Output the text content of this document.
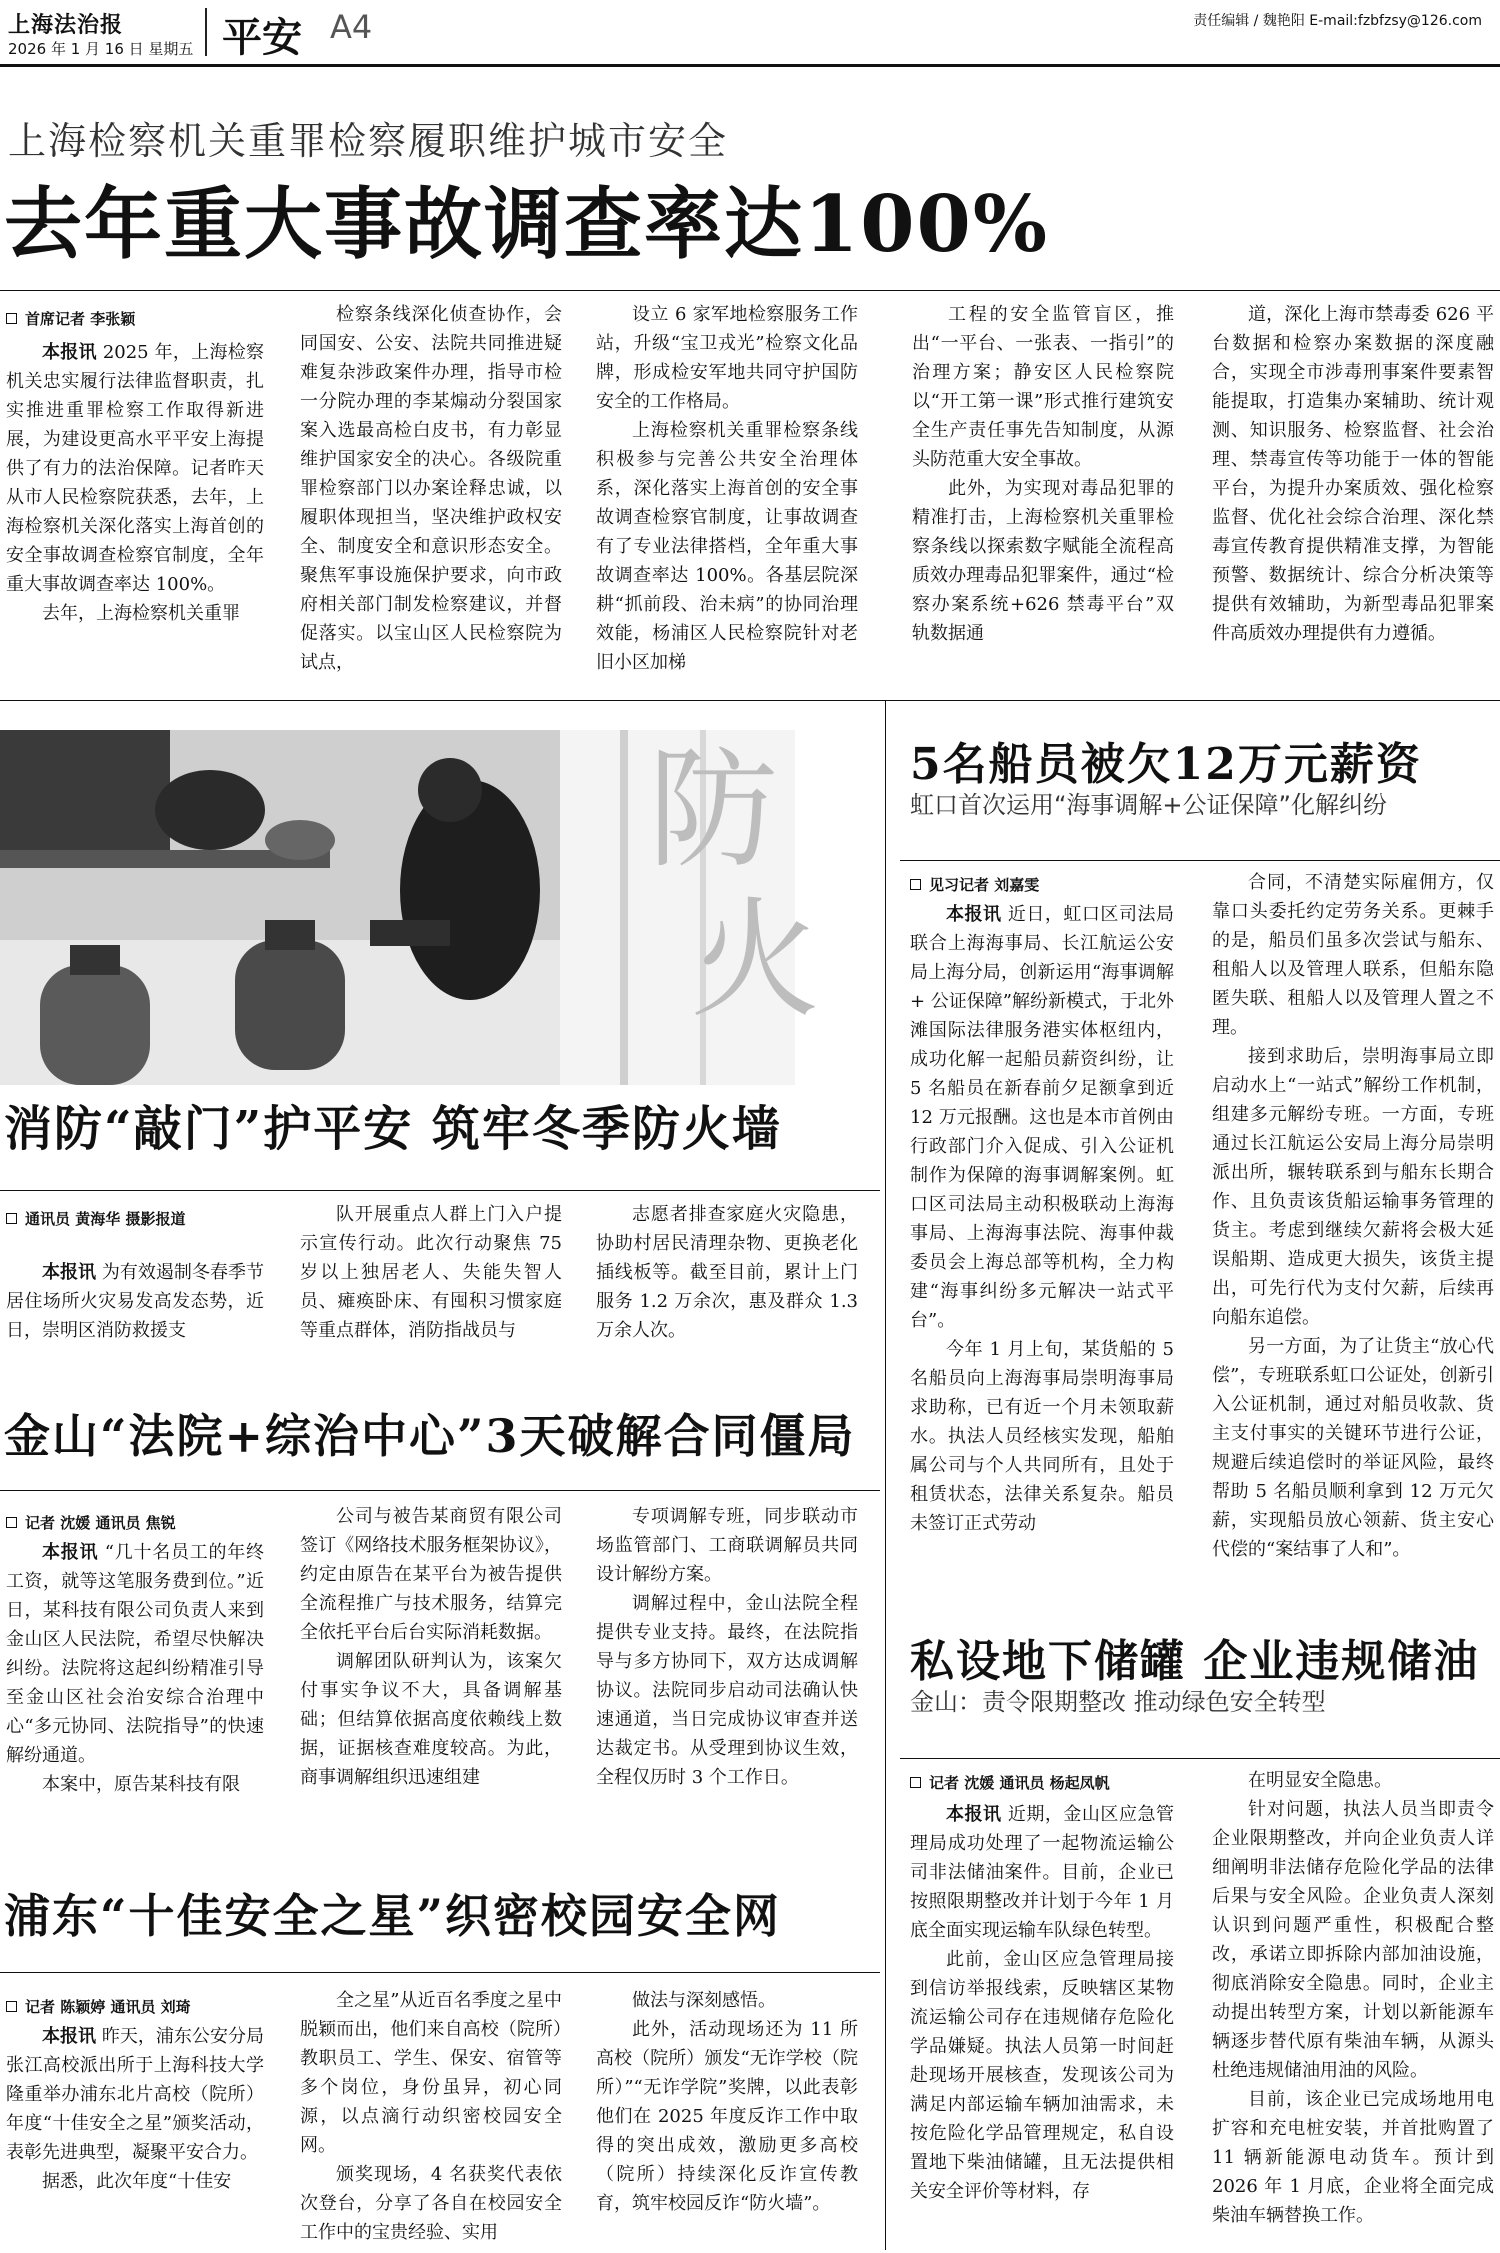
上海法治报
2026 年 1 月 16 日 星期五 平安 A4	责任编辑 / 魏艳阳 E-mail:fzbfzsy@126.com
上海检察机关重罪检察履职维护城市安全
去年重大事故调查率达100%
首席记者 李张颖

本报讯 2025 年，上海检察机关忠实履行法律监督职责，扎实推进重罪检察工作取得新进展，为建设更高水平平安上海提供了有力的法治保障。记者昨天从市人民检察院获悉，去年，上海检察机关深化落实上海首创的安全事故调查检察官制度，全年重大事故调查率达 100%。

去年，上海检察机关重罪

检察条线深化侦查协作，会同国安、公安、法院共同推进疑难复杂涉政案件办理，指导市检一分院办理的李某煽动分裂国家案入选最高检白皮书，有力彰显维护国家安全的决心。各级院重罪检察部门以办案诠释忠诚，以履职体现担当，坚决维护政权安全、制度安全和意识形态安全。聚焦军事设施保护要求，向市政府相关部门制发检察建议，并督促落实。以宝山区人民检察院为试点，

设立 6 家军地检察服务工作站，升级“宝卫戎光”检察文化品牌，形成检安军地共同守护国防安全的工作格局。

上海检察机关重罪检察条线积极参与完善公共安全治理体系，深化落实上海首创的安全事故调查检察官制度，让事故调查有了专业法律搭档，全年重大事故调查率达 100%。各基层院深耕“抓前段、治未病”的协同治理效能，杨浦区人民检察院针对老旧小区加梯

工程的安全监管盲区，推出“一平台、一张表、一指引”的治理方案；静安区人民检察院以“开工第一课”形式推行建筑安全生产责任事先告知制度，从源头防范重大安全事故。

此外，为实现对毒品犯罪的精准打击，上海检察机关重罪检察条线以探索数字赋能全流程高质效办理毒品犯罪案件，通过“检察办案系统+626 禁毒平台”双轨数据通

道，深化上海市禁毒委 626 平台数据和检察办案数据的深度融合，实现全市涉毒刑事案件要素智能提取，打造集办案辅助、统计观测、知识服务、检察监督、社会治理、禁毒宣传等功能于一体的智能平台，为提升办案质效、强化检察监督、优化社会综合治理、深化禁毒宣传教育提供精准支撑，为智能预警、数据统计、综合分析决策等提供有效辅助，为新型毒品犯罪案件高质效办理提供有力遵循。

防
火
消防“敲门”护平安 筑牢冬季防火墙
通讯员 黄海华 摄影报道

本报讯 为有效遏制冬春季节居住场所火灾易发高发态势，近日，崇明区消防救援支

队开展重点人群上门入户提示宣传行动。此次行动聚焦 75 岁以上独居老人、失能失智人员、瘫痪卧床、有囤积习惯家庭等重点群体，消防指战员与

志愿者排查家庭火灾隐患，协助村居民清理杂物、更换老化插线板等。截至目前，累计上门服务 1.2 万余次，惠及群众 1.3 万余人次。

金山“法院+综治中心”3天破解合同僵局
记者 沈媛 通讯员 焦锐

本报讯 “几十名员工的年终工资，就等这笔服务费到位。”近日，某科技有限公司负责人来到金山区人民法院，希望尽快解决纠纷。法院将这起纠纷精准引导至金山区社会治安综合治理中心“多元协同、法院指导”的快速解纷通道。

本案中，原告某科技有限

公司与被告某商贸有限公司签订《网络技术服务框架协议》，约定由原告在某平台为被告提供全流程推广与技术服务，结算完全依托平台后台实际消耗数据。

调解团队研判认为，该案欠付事实争议不大，具备调解基础；但结算依据高度依赖线上数据，证据核查难度较高。为此，商事调解组织迅速组建

专项调解专班，同步联动市场监管部门、工商联调解员共同设计解纷方案。

调解过程中，金山法院全程提供专业支持。最终，在法院指导与多方协同下，双方达成调解协议。法院同步启动司法确认快速通道，当日完成协议审查并送达裁定书。从受理到协议生效，全程仅历时 3 个工作日。

浦东“十佳安全之星”织密校园安全网
记者 陈颖婷 通讯员 刘琦

本报讯 昨天，浦东公安分局张江高校派出所于上海科技大学隆重举办浦东北片高校（院所）年度“十佳安全之星”颁奖活动，表彰先进典型，凝聚平安合力。

据悉，此次年度“十佳安

全之星”从近百名季度之星中脱颖而出，他们来自高校（院所）教职员工、学生、保安、宿管等多个岗位，身份虽异，初心同源，以点滴行动织密校园安全网。

颁奖现场，4 名获奖代表依次登台，分享了各自在校园安全工作中的宝贵经验、实用

做法与深刻感悟。

此外，活动现场还为 11 所高校（院所）颁发“无诈学校（院所）”“无诈学院”奖牌，以此表彰他们在 2025 年度反诈工作中取得的突出成效，激励更多高校（院所）持续深化反诈宣传教育，筑牢校园反诈“防火墙”。

5名船员被欠12万元薪资
虹口首次运用“海事调解+公证保障”化解纠纷
见习记者 刘嘉雯

本报讯 近日，虹口区司法局联合上海海事局、长江航运公安局上海分局，创新运用“海事调解 + 公证保障”解纷新模式，于北外滩国际法律服务港实体枢纽内，成功化解一起船员薪资纠纷，让 5 名船员在新春前夕足额拿到近 12 万元报酬。这也是本市首例由行政部门介入促成、引入公证机制作为保障的海事调解案例。虹口区司法局主动积极联动上海海事局、上海海事法院、海事仲裁委员会上海总部等机构，全力构建“海事纠纷多元解决一站式平台”。

今年 1 月上旬，某货船的 5 名船员向上海海事局崇明海事局求助称，已有近一个月未领取薪水。执法人员经核实发现，船舶属公司与个人共同所有，且处于租赁状态，法律关系复杂。船员未签订正式劳动

合同，不清楚实际雇佣方，仅靠口头委托约定劳务关系。更棘手的是，船员们虽多次尝试与船东、租船人以及管理人联系，但船东隐匿失联、租船人以及管理人置之不理。

接到求助后，崇明海事局立即启动水上“一站式”解纷工作机制，组建多元解纷专班。一方面，专班通过长江航运公安局上海分局崇明派出所，辗转联系到与船东长期合作、且负责该货船运输事务管理的货主。考虑到继续欠薪将会极大延误船期、造成更大损失，该货主提出，可先行代为支付欠薪，后续再向船东追偿。

另一方面，为了让货主“放心代偿”，专班联系虹口公证处，创新引入公证机制，通过对船员收款、货主支付事实的关键环节进行公证，规避后续追偿时的举证风险，最终帮助 5 名船员顺利拿到 12 万元欠薪，实现船员放心领薪、货主安心代偿的“案结事了人和”。

私设地下储罐 企业违规储油
金山：责令限期整改 推动绿色安全转型
记者 沈媛 通讯员 杨起凤帆

本报讯 近期，金山区应急管理局成功处理了一起物流运输公司非法储油案件。目前，企业已按照限期整改并计划于今年 1 月底全面实现运输车队绿色转型。

此前，金山区应急管理局接到信访举报线索，反映辖区某物流运输公司存在违规储存危险化学品嫌疑。执法人员第一时间赶赴现场开展核查，发现该公司为满足内部运输车辆加油需求，未按危险化学品管理规定，私自设置地下柴油储罐，且无法提供相关安全评价等材料，存

在明显安全隐患。

针对问题，执法人员当即责令企业限期整改，并向企业负责人详细阐明非法储存危险化学品的法律后果与安全风险。企业负责人深刻认识到问题严重性，积极配合整改，承诺立即拆除内部加油设施，彻底消除安全隐患。同时，企业主动提出转型方案，计划以新能源车辆逐步替代原有柴油车辆，从源头杜绝违规储油用油的风险。

目前，该企业已完成场地用电扩容和充电桩安装，并首批购置了 11 辆新能源电动货车。预计到 2026 年 1 月底，企业将全面完成柴油车辆替换工作。
